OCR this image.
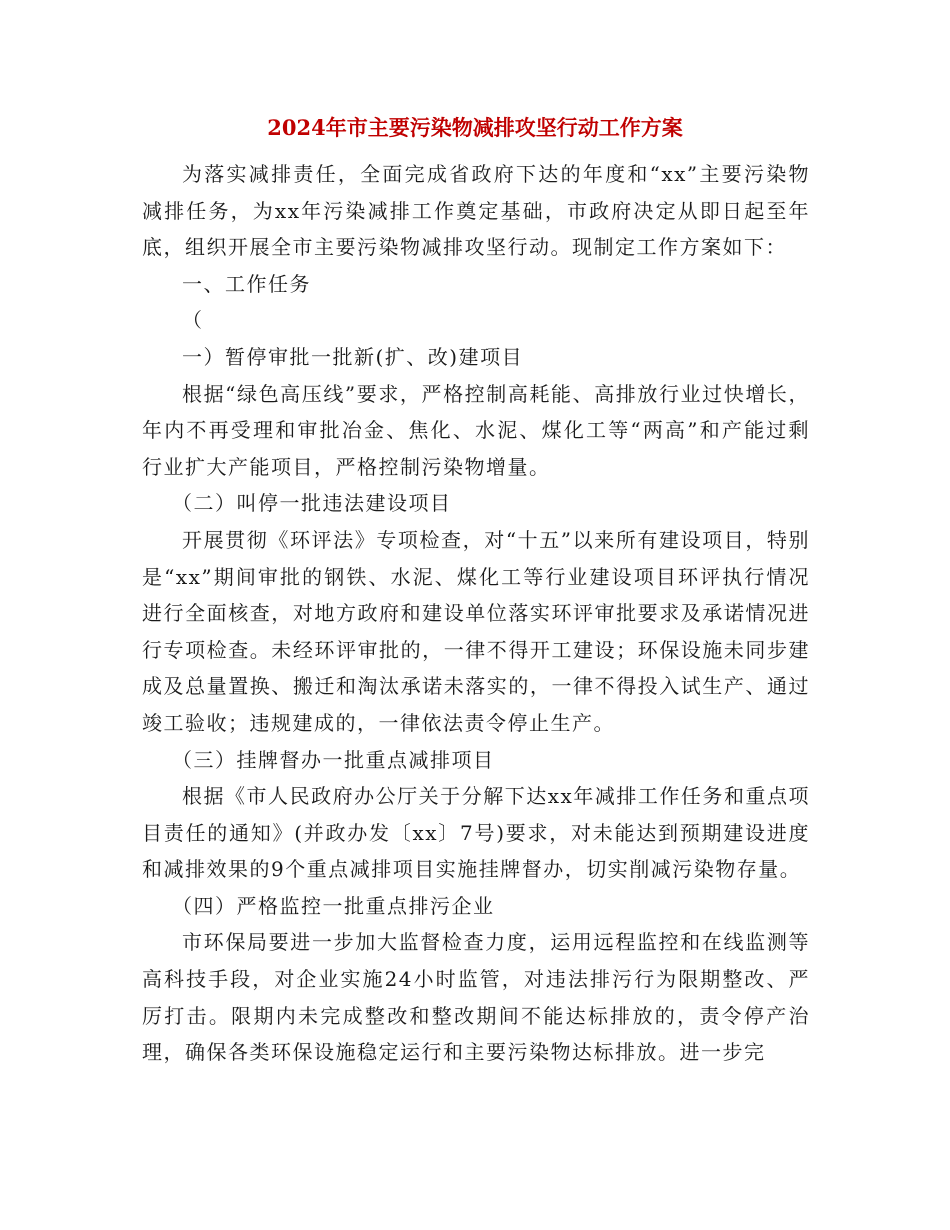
2024年市主要污染物减排攻坚行动工作方案

为落实减排责任，全面完成省政府下达的年度和“xx”主要污染物减排任务，为xx年污染减排工作奠定基础，市政府决定从即日起至年底，组织开展全市主要污染物减排攻坚行动。现制定工作方案如下：

一、工作任务

（

一）暂停审批一批新(扩、改)建项目

根据“绿色高压线”要求，严格控制高耗能、高排放行业过快增长，年内不再受理和审批冶金、焦化、水泥、煤化工等“两高”和产能过剩行业扩大产能项目，严格控制污染物增量。

（二）叫停一批违法建设项目

开展贯彻《环评法》专项检查，对“十五”以来所有建设项目，特别是“xx”期间审批的钢铁、水泥、煤化工等行业建设项目环评执行情况进行全面核查，对地方政府和建设单位落实环评审批要求及承诺情况进行专项检查。未经环评审批的，一律不得开工建设；环保设施未同步建成及总量置换、搬迁和淘汰承诺未落实的，一律不得投入试生产、通过竣工验收；违规建成的，一律依法责令停止生产。

（三）挂牌督办一批重点减排项目

根据《市人民政府办公厅关于分解下达xx年减排工作任务和重点项目责任的通知》(并政办发〔xx〕7号)要求，对未能达到预期建设进度和减排效果的9个重点减排项目实施挂牌督办，切实削减污染物存量。

（四）严格监控一批重点排污企业

市环保局要进一步加大监督检查力度，运用远程监控和在线监测等高科技手段，对企业实施24小时监管，对违法排污行为限期整改、严厉打击。限期内未完成整改和整改期间不能达标排放的，责令停产治理，确保各类环保设施稳定运行和主要污染物达标排放。进一步完
